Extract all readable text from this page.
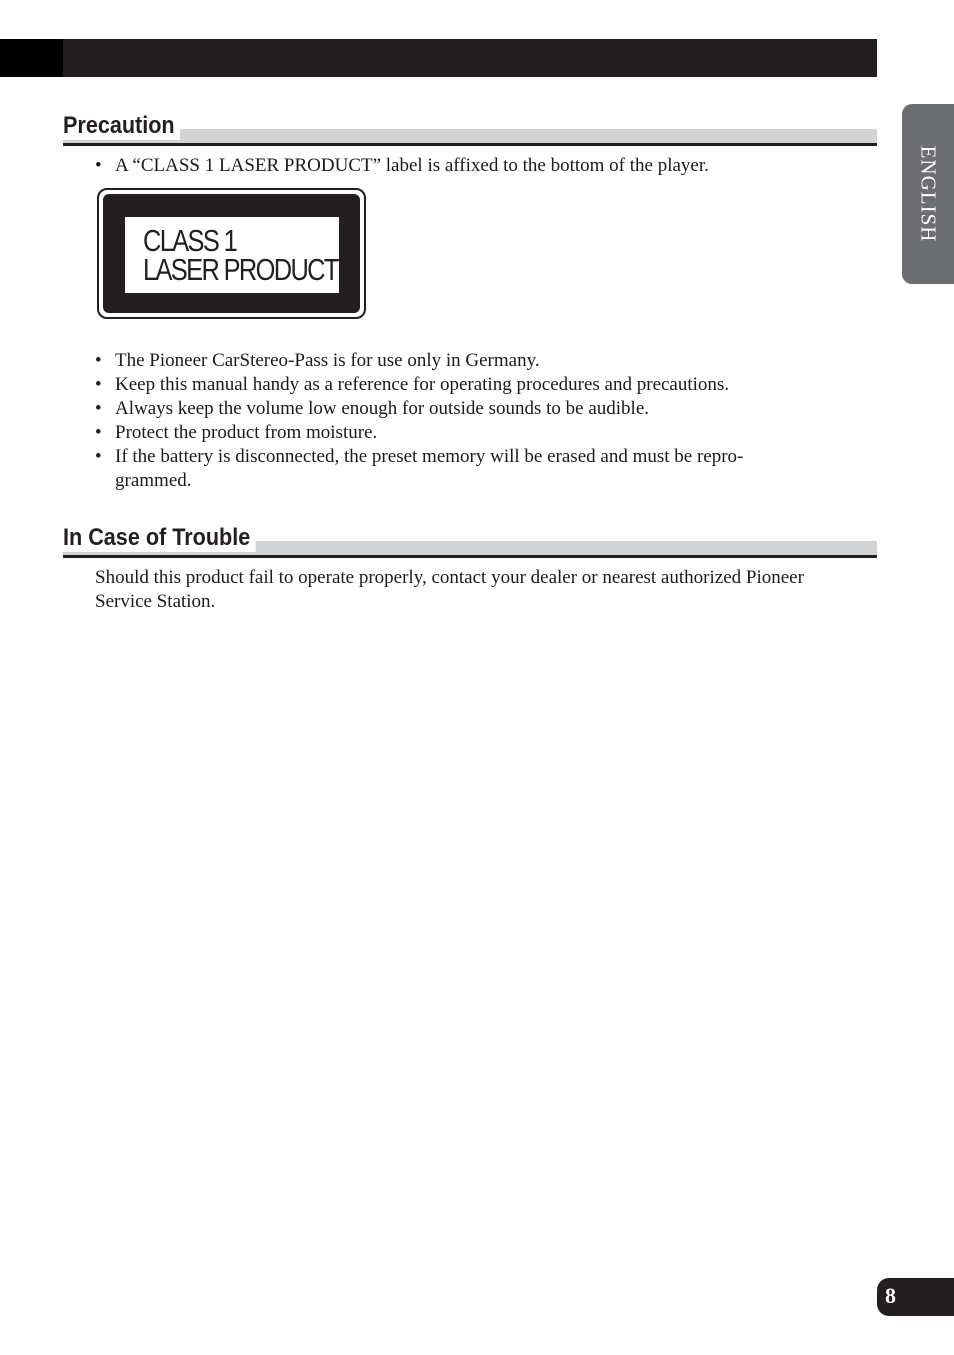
ENGLISH
Precaution
• A “CLASS 1 LASER PRODUCT” label is affixed to the bottom of the player.
CLASS 1
LASER PRODUCT
• The Pioneer CarStereo-Pass is for use only in Germany.
• Keep this manual handy as a reference for operating procedures and precautions.
• Always keep the volume low enough for outside sounds to be audible.
• Protect the product from moisture.
• If the battery is disconnected, the preset memory will be erased and must be repro-grammed.
In Case of Trouble

Should this product fail to operate properly, contact your dealer or nearest authorized Pioneer Service Station.

8
